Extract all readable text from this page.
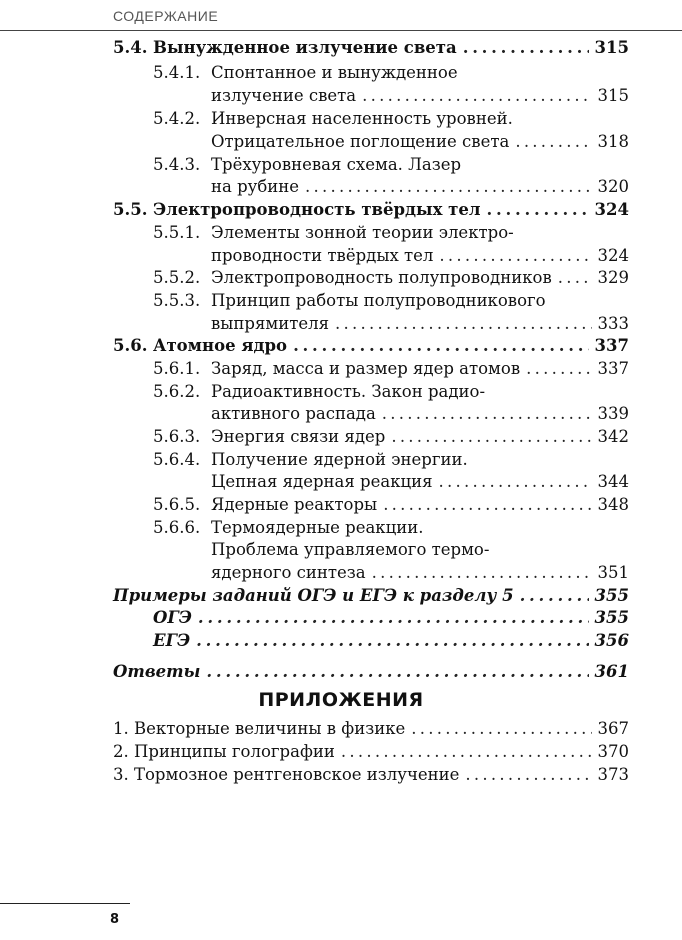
СОДЕРЖАНИЕ
5.4. Вынужденное излучение света . . .	315
5.4.1. Спонтанное и вынужденное
излучение света . . .	315
5.4.2. Инверсная населенность уровней.
Отрицательное поглощение света . . .	318
5.4.3. Трёхуровневая схема. Лазер
на рубине . . .	320
5.5. Электропроводность твёрдых тел . . .	324
5.5.1. Элементы зонной теории электро-
проводности твёрдых тел . . .	324
5.5.2. Электропроводность полупроводников . . .	329
5.5.3. Принцип работы полупроводникового
выпрямителя . . .	333
5.6. Атомное ядро . . .	337
5.6.1. Заряд, масса и размер ядер атомов . . .	337
5.6.2. Радиоактивность. Закон радио-
активного распада . . .	339
5.6.3. Энергия связи ядер . . .	342
5.6.4. Получение ядерной энергии.
Цепная ядерная реакция . . .	344
5.6.5. Ядерные реакторы . . .	348
5.6.6. Термоядерные реакции.
Проблема управляемого термо-
ядерного синтеза . . .	351
Примеры заданий ОГЭ и ЕГЭ к разделу 5 . . .	355
ОГЭ . . .	355
ЕГЭ . . .	356
Ответы . . .	361
ПРИЛОЖЕНИЯ
1. Векторные величины в физике . . .	367
2. Принципы голографии . . .	370
3. Тормозное рентгеновское излучение . . .	373
8
